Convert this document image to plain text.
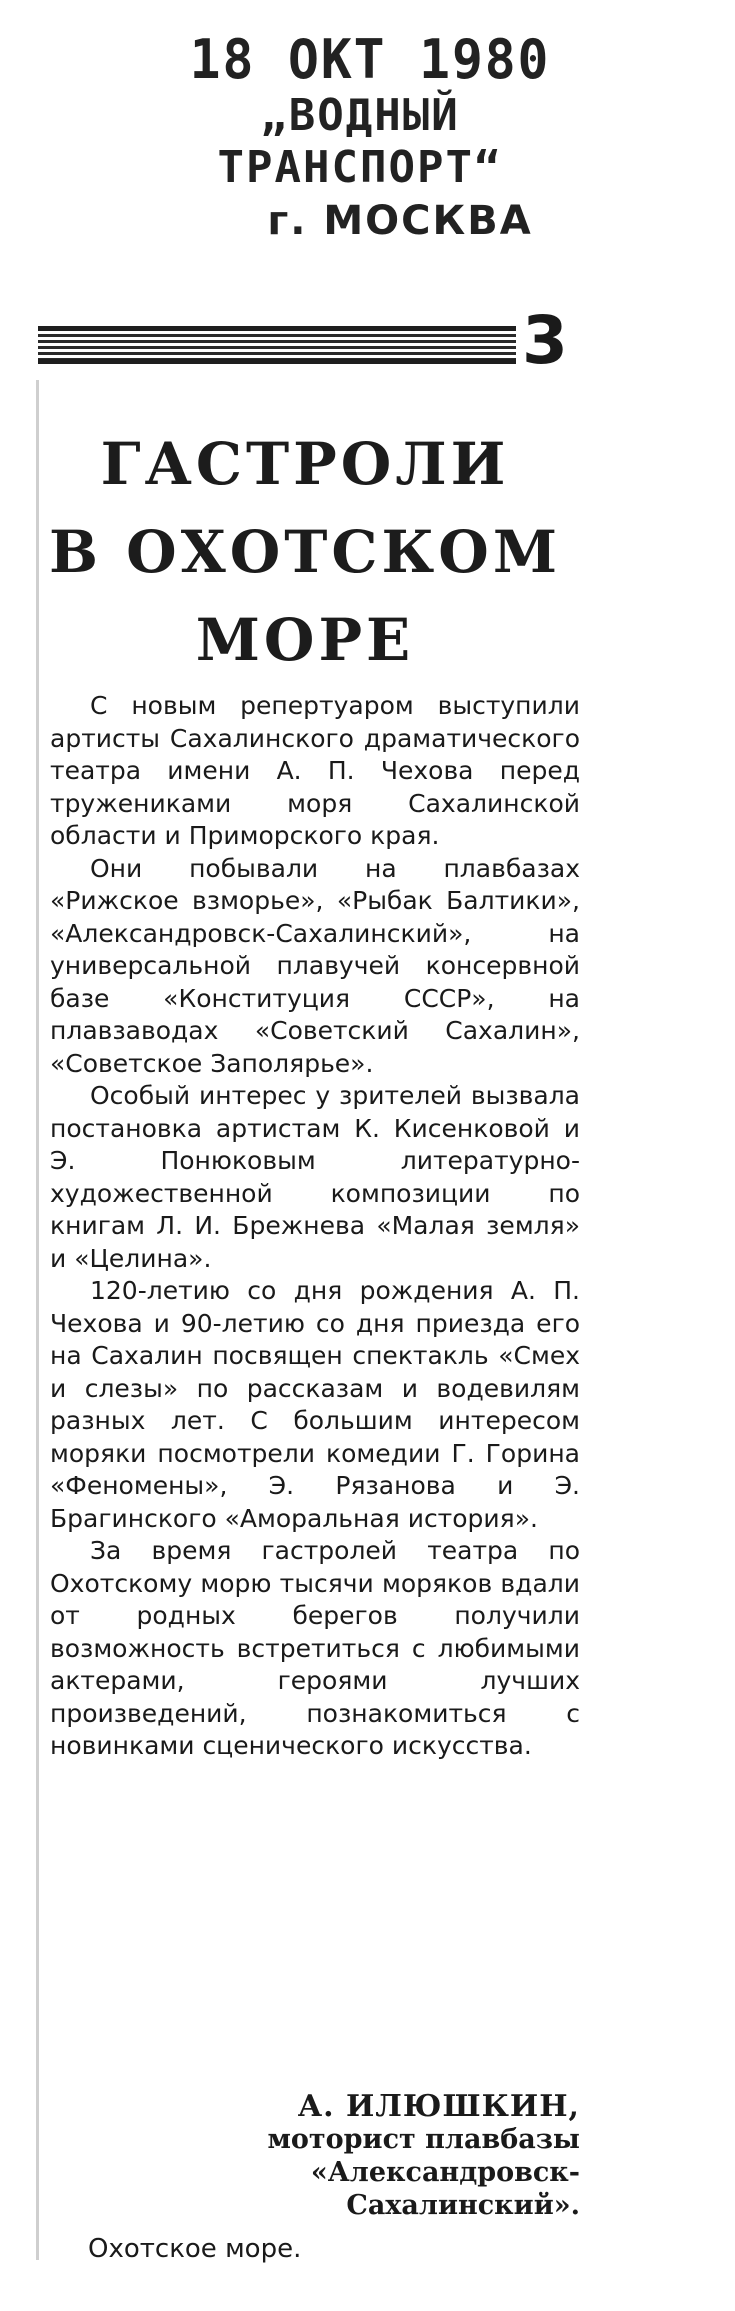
18 ОКТ 1980
„ВОДНЫЙ ТРАНСПОРТ“
г. МОСКВА
3
ГАСТРОЛИ
В ОХОТСКОМ
МОРЕ

С новым репертуаром выступили артисты Сахалинского драматического театра имени А. П. Чехова перед тружениками моря Сахалинской области и Приморского края.

Они побывали на плавбазах «Рижское взморье», «Рыбак Балтики», «Александровск-Сахалинский», на универсальной плавучей консервной базе «Конституция СССР», на плавзаводах «Советский Сахалин», «Советское Заполярье».

Особый интерес у зрителей вызвала постановка артистам К. Кисенковой и Э. Понюковым литературно-художественной композиции по книгам Л. И. Брежнева «Малая земля» и «Целина».

120-летию со дня рождения А. П. Чехова и 90-летию со дня приезда его на Сахалин посвящен спектакль «Смех и слезы» по рассказам и водевилям разных лет. С большим интересом моряки посмотрели комедии Г. Горина «Феномены», Э. Рязанова и Э. Брагинского «Аморальная история».

За время гастролей театра по Охотскому морю тысячи моряков вдали от родных берегов получили возможность встретиться с любимыми актерами, героями лучших произведений, познакомиться с новинками сценического искусства.

А. ИЛЮШКИН,
моторист плавбазы
«Александровск-
Сахалинский».
Охотское море.
